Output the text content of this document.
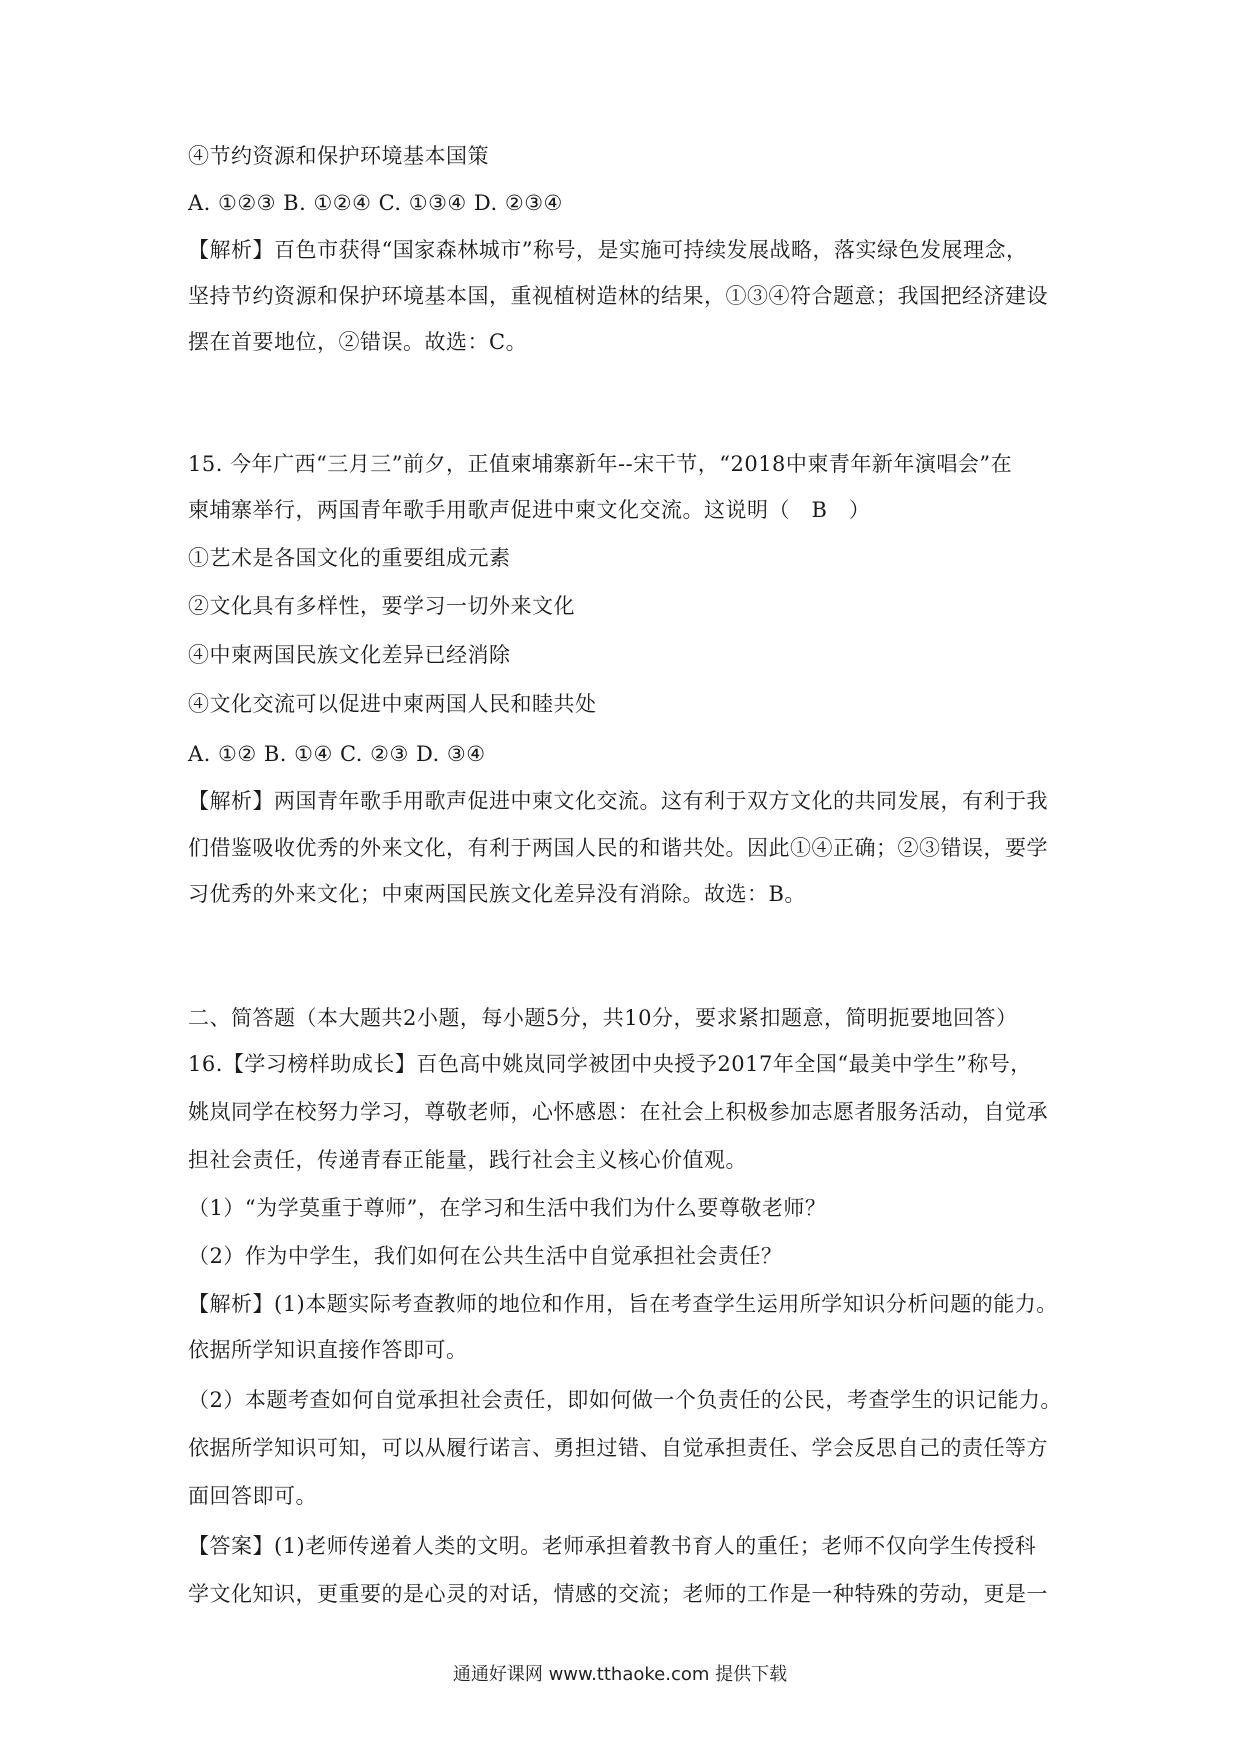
④节约资源和保护环境基本国策
A. ①②③ B. ①②④ C. ①③④ D. ②③④
【解析】百色市获得“国家森林城市”称号，是实施可持续发展战略，落实绿色发展理念，
坚持节约资源和保护环境基本国，重视植树造林的结果，①③④符合题意；我国把经济建设
摆在首要地位，②错误。故选：C。
15. 今年广西“三月三”前夕，正值柬埔寨新年--宋干节，“2018中柬青年新年演唱会”在
柬埔寨举行，两国青年歌手用歌声促进中柬文化交流。这说明（　B　）
①艺术是各国文化的重要组成元素
②文化具有多样性，要学习一切外来文化
④中柬两国民族文化差异已经消除
④文化交流可以促进中柬两国人民和睦共处
A. ①② B. ①④ C. ②③ D. ③④
【解析】两国青年歌手用歌声促进中柬文化交流。这有利于双方文化的共同发展，有利于我
们借鉴吸收优秀的外来文化，有利于两国人民的和谐共处。因此①④正确；②③错误，要学
习优秀的外来文化；中柬两国民族文化差异没有消除。故选：B。
二、简答题（本大题共2小题，每小题5分，共10分，要求紧扣题意，简明扼要地回答）
16.【学习榜样助成长】百色高中姚岚同学被团中央授予2017年全国“最美中学生”称号，
姚岚同学在校努力学习，尊敬老师，心怀感恩：在社会上积极参加志愿者服务活动，自觉承
担社会责任，传递青春正能量，践行社会主义核心价值观。
（1）“为学莫重于尊师”，在学习和生活中我们为什么要尊敬老师？
（2）作为中学生，我们如何在公共生活中自觉承担社会责任？
【解析】(1)本题实际考查教师的地位和作用，旨在考查学生运用所学知识分析问题的能力。
依据所学知识直接作答即可。
（2）本题考查如何自觉承担社会责任，即如何做一个负责任的公民，考查学生的识记能力。
依据所学知识可知，可以从履行诺言、勇担过错、自觉承担责任、学会反思自己的责任等方
面回答即可。
【答案】(1)老师传递着人类的文明。老师承担着教书育人的重任；老师不仅向学生传授科
学文化知识，更重要的是心灵的对话，情感的交流；老师的工作是一种特殊的劳动，更是一
通通好课网 www.tthaoke.com 提供下载
